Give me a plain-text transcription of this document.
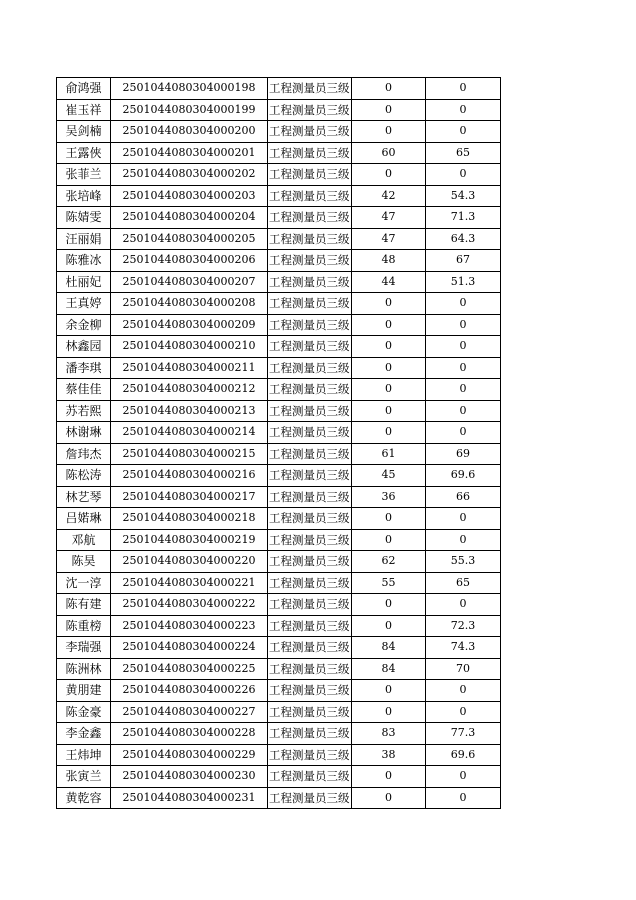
俞鸿强	2501044080304000198	工程测量员三级	0	0
崔玉祥	2501044080304000199	工程测量员三级	0	0
吴剑楠	2501044080304000200	工程测量员三级	0	0
王露俠	2501044080304000201	工程测量员三级	60	65
张菲兰	2501044080304000202	工程测量员三级	0	0
张培峰	2501044080304000203	工程测量员三级	42	54.3
陈婧雯	2501044080304000204	工程测量员三级	47	71.3
汪丽娟	2501044080304000205	工程测量员三级	47	64.3
陈雅冰	2501044080304000206	工程测量员三级	48	67
杜丽妃	2501044080304000207	工程测量员三级	44	51.3
王真婷	2501044080304000208	工程测量员三级	0	0
余金柳	2501044080304000209	工程测量员三级	0	0
林鑫园	2501044080304000210	工程测量员三级	0	0
潘李琪	2501044080304000211	工程测量员三级	0	0
蔡佳佳	2501044080304000212	工程测量员三级	0	0
苏若熙	2501044080304000213	工程测量员三级	0	0
林谢琳	2501044080304000214	工程测量员三级	0	0
詹玮杰	2501044080304000215	工程测量员三级	61	69
陈松涛	2501044080304000216	工程测量员三级	45	69.6
林艺琴	2501044080304000217	工程测量员三级	36	66
吕婼琳	2501044080304000218	工程测量员三级	0	0
邓航	2501044080304000219	工程测量员三级	0	0
陈昊	2501044080304000220	工程测量员三级	62	55.3
沈一淳	2501044080304000221	工程测量员三级	55	65
陈有建	2501044080304000222	工程测量员三级	0	0
陈重榜	2501044080304000223	工程测量员三级	0	72.3
李瑞强	2501044080304000224	工程测量员三级	84	74.3
陈洲林	2501044080304000225	工程测量员三级	84	70
黄朋建	2501044080304000226	工程测量员三级	0	0
陈金豪	2501044080304000227	工程测量员三级	0	0
李金鑫	2501044080304000228	工程测量员三级	83	77.3
王炜坤	2501044080304000229	工程测量员三级	38	69.6
张寅兰	2501044080304000230	工程测量员三级	0	0
黄乾容	2501044080304000231	工程测量员三级	0	0
